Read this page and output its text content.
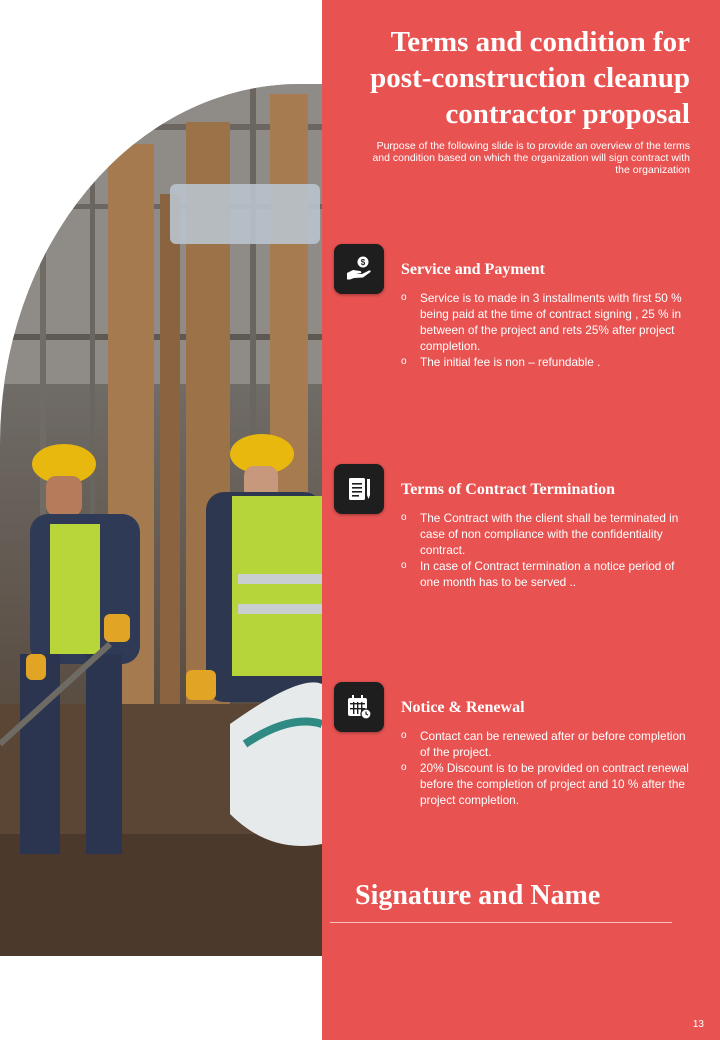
Terms and condition for post-construction cleanup contractor proposal
Purpose of the following slide is to provide an overview of the terms and condition based on which the organization will sign contract with the organization
$ Service and Payment
o Service is to made in 3 installments with first 50 % being paid at the time of contract signing , 25 % in between of the project and rets 25% after project completion.
o The initial fee is non – refundable .
Terms of Contract Termination
o The Contract with the client shall be terminated in case of non compliance with the confidentiality contract.
o In case of Contract termination a notice period of one month has to be served ..
Notice & Renewal
o Contact can be renewed after or before completion of the project.
o 20% Discount is to be provided on contract renewal before the completion of project and 10 % after the project completion.
Signature and Name
13
